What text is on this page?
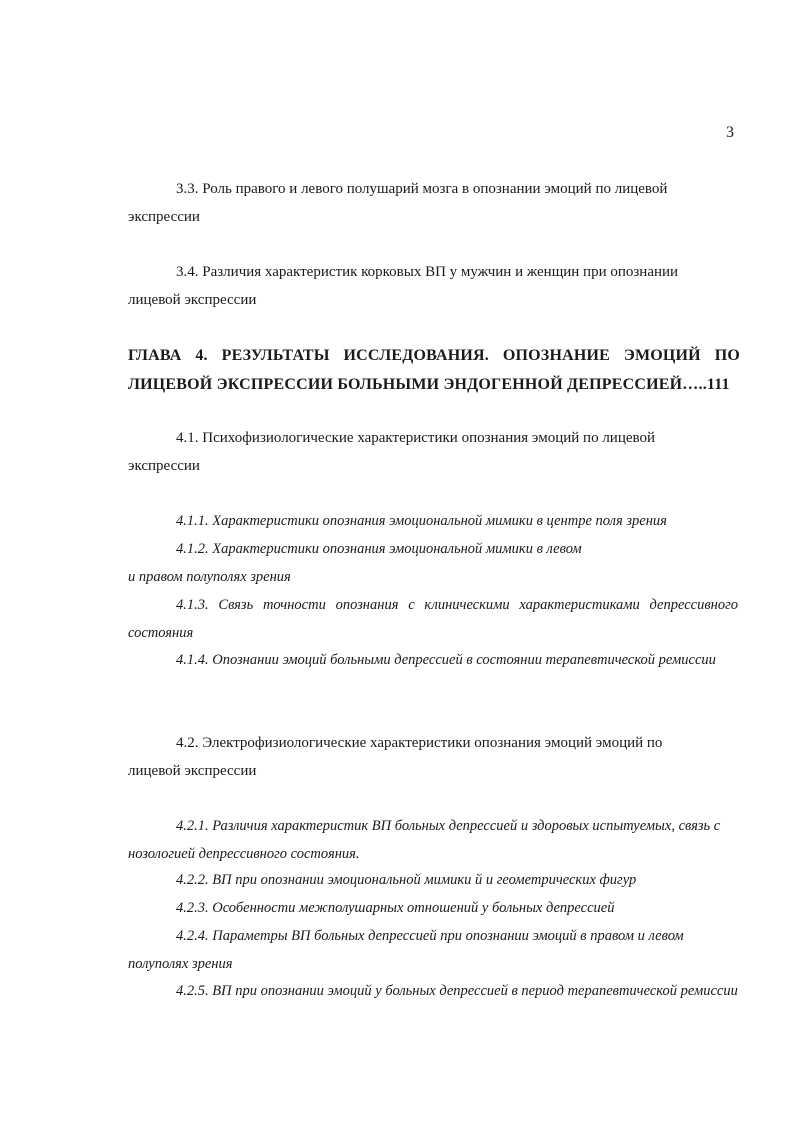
3

3.3. Роль правого и левого полушарий мозга в опознании эмоций по лицевой экспрессии

3.4. Различия характеристик корковых ВП у мужчин и женщин при опознании лицевой экспрессии

ГЛАВА 4. РЕЗУЛЬТАТЫ ИССЛЕДОВАНИЯ. ОПОЗНАНИЕ ЭМОЦИЙ ПО ЛИЦЕВОЙ ЭКСПРЕССИИ БОЛЬНЫМИ ЭНДОГЕННОЙ ДЕПРЕССИЕЙ…..111

4.1. Психофизиологические характеристики опознания эмоций по лицевой экспрессии

4.1.1. Характеристики опознания эмоциональной мимики в центре поля зрения

4.1.2. Характеристики опознания эмоциональной мимики в левом

и правом полуполях зрения

4.1.3. Связь точности опознания с клиническими характеристиками депрессивного состояния

4.1.4. Опознании эмоций больными депрессией в состоянии терапевтической ремиссии

4.2. Электрофизиологические характеристики опознания эмоций эмоций по лицевой экспрессии

4.2.1. Различия характеристик ВП больных депрессией и здоровых испытуемых, связь с нозологией депрессивного состояния.

4.2.2. ВП при опознании эмоциональной мимики й и геометрических фигур

4.2.3. Особенности межполушарных отношений у больных депрессией

4.2.4. Параметры ВП больных депрессией при опознании эмоций в правом и левом полуполях зрения

4.2.5. ВП при опознании эмоций у больных депрессией в период терапевтической ремиссии
